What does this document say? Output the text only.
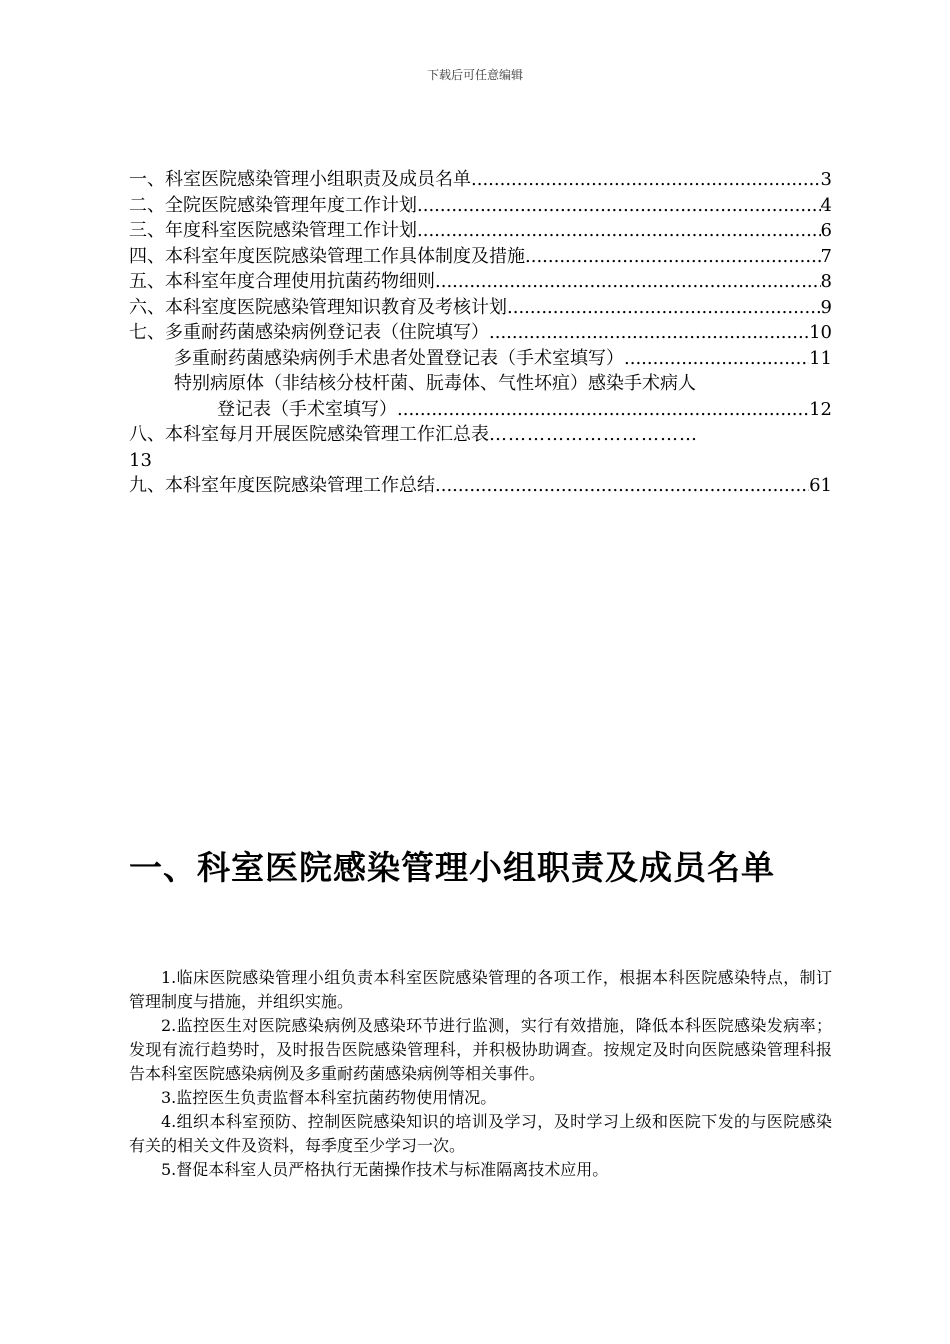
下载后可任意编辑
一、科室医院感染管理小组职责及成员名单 .....	3
二、全院医院感染管理年度工作计划 .....	4
三、年度科室医院感染管理工作计划 .....	6
四、本科室年度医院感染管理工作具体制度及措施 .....	7
五、本科室年度合理使用抗菌药物细则 .....	8
六、本科室度医院感染管理知识教育及考核计划 .....	9
七、多重耐药菌感染病例登记表（住院填写） .....	10
多重耐药菌感染病例手术患者处置登记表（手术室填写） .....	11
特别病原体（非结核分枝杆菌、朊毒体、气性坏疽）感染手术病人
登记表（手术室填写） .....	12
八、本科室每月开展医院感染管理工作汇总表 ……………………………
13
九、本科室年度医院感染管理工作总结 .....	61
一、科室医院感染管理小组职责及成员名单

1.临床医院感染管理小组负责本科室医院感染管理的各项工作，根据本科医院感染特点，制订管理制度与措施，并组织实施。

2.监控医生对医院感染病例及感染环节进行监测，实行有效措施，降低本科医院感染发病率；发现有流行趋势时，及时报告医院感染管理科，并积极协助调查。按规定及时向医院感染管理科报告本科室医院感染病例及多重耐药菌感染病例等相关事件。

3.监控医生负责监督本科室抗菌药物使用情况。

4.组织本科室预防、控制医院感染知识的培训及学习，及时学习上级和医院下发的与医院感染有关的相关文件及资料，每季度至少学习一次。

5.督促本科室人员严格执行无菌操作技术与标准隔离技术应用。
